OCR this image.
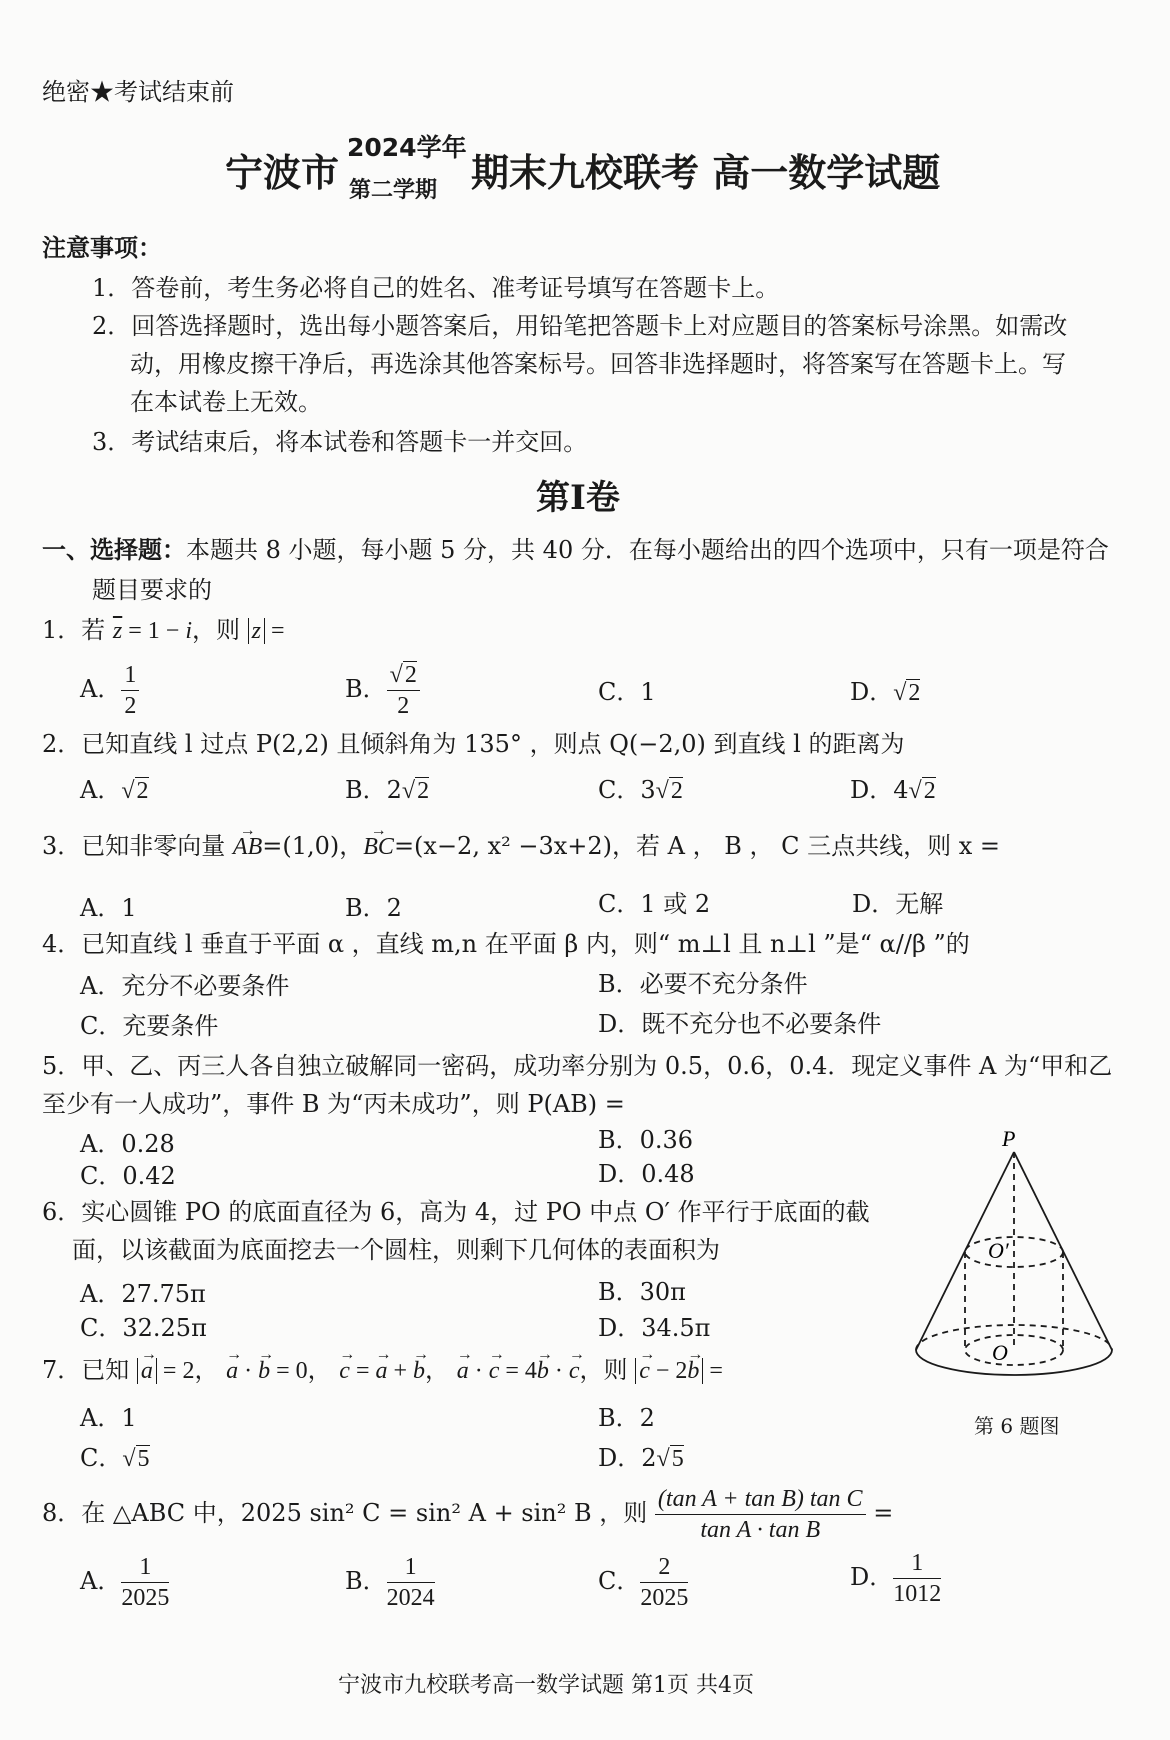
绝密★考试结束前
宁波市
2024学年
第二学期 期末九校联考 高一数学试题
注意事项：
1．答卷前，考生务必将自己的姓名、准考证号填写在答题卡上。
2．回答选择题时，选出每小题答案后，用铅笔把答题卡上对应题目的答案标号涂黑。如需改
动，用橡皮擦干净后，再选涂其他答案标号。回答非选择题时，将答案写在答题卡上。写
在本试卷上无效。
3．考试结束后，将本试卷和答题卡一并交回。
第Ⅰ卷
一、选择题：本题共 8 小题，每小题 5 分，共 40 分．在每小题给出的四个选项中，只有一项是符合
题目要求的
1．若 $\overline{z} = 1 - i$，则 z =
A． $\frac{1}{2}$	B． $\frac{√2}{2}$	C．1	D．√2
2．已知直线 l 过点 P(2,2) 且倾斜角为 135° ，则点 Q(−2,0) 到直线 l 的距离为
A．√2	B．2√2	C．3√2	D．4√2
3．已知非零向量 → AB=(1,0)，→ BC=(x−2, x² −3x+2)，若 A ， B ， C 三点共线，则 x =
A．1	B．2	C．1 或 2	D．无解
4．已知直线 l 垂直于平面 α ，直线 m,n 在平面 β 内，则“ m⊥l 且 n⊥l ”是“ α//β ”的
A．充分不必要条件	B．必要不充分条件
C．充要条件	D．既不充分也不必要条件
5．甲、乙、丙三人各自独立破解同一密码，成功率分别为 0.5，0.6，0.4．现定义事件 A 为“甲和乙
至少有一人成功”，事件 B 为“丙未成功”，则 P(AB) =
A．0.28	B．0.36
C．0.42	D．0.48
6．实心圆锥 PO 的底面直径为 6，高为 4，过 PO 中点 O′ 作平行于底面的截
面，以该截面为底面挖去一个圆柱，则剩下几何体的表面积为
A．27.75π	B．30π
C．32.25π	D．34.5π
P
O′
O
第 6 题图
7．已知 → a = 2， → a · → b = 0， → c = → a + → b， → a · → c = 4→ b · → c，则 → c − 2→ b =
A．1	B．2
C．√5	D．2√5
8．在 △ABC 中，2025 sin² C = sin² A + sin² B ，则 $\frac{\text{(tan A + tan B) tan C}}{\text{tan A · tan B}}$ =
A． $\frac{1}{2025}$	B． $\frac{1}{2024}$	C． $\frac{2}{2025}$	D． $\frac{1}{1012}$
宁波市九校联考高一数学试题 第1页 共4页
